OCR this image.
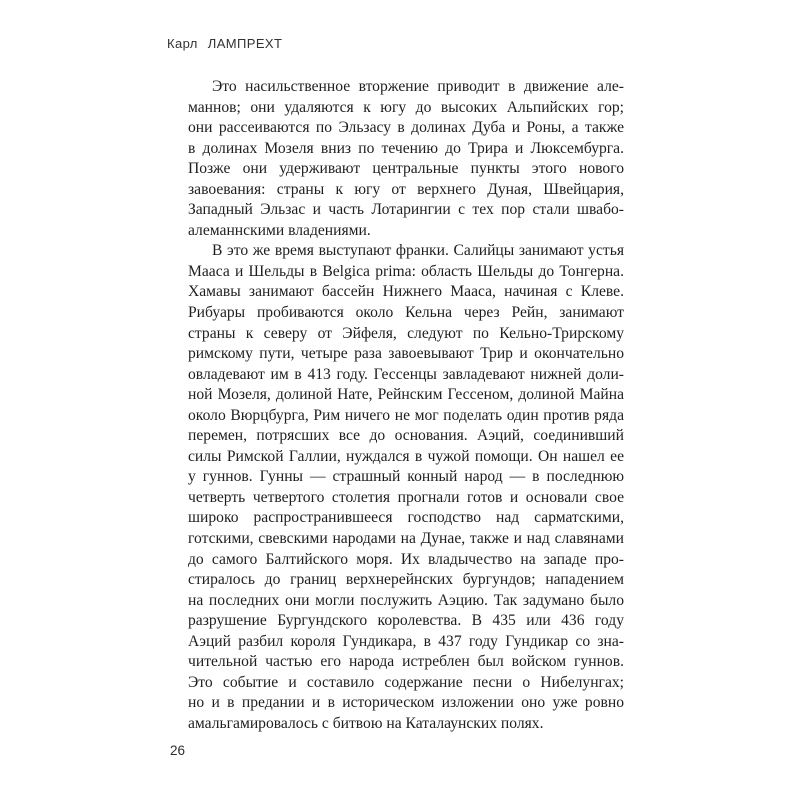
Карл ЛАМПРЕХТ
Это насильственное вторжение приводит в движение але-
маннов; они удаляются к югу до высоких Альпийских гор;
они рассеиваются по Эльзасу в долинах Дуба и Роны, а также
в долинах Мозеля вниз по течению до Трира и Люксембурга.
Позже они удерживают центральные пункты этого нового
завоевания: страны к югу от верхнего Дуная, Швейцария,
Западный Эльзас и часть Лотарингии с тех пор стали швабо-
алеманнскими владениями.
В это же время выступают франки. Салийцы занимают устья
Мааса и Шельды в Belgica prima: область Шельды до Тонгерна.
Хамавы занимают бассейн Нижнего Мааса, начиная с Клеве.
Рибуары пробиваются около Кельна через Рейн, занимают
страны к северу от Эйфеля, следуют по Кельно-Трирскому
римскому пути, четыре раза завоевывают Трир и окончательно
овладевают им в 413 году. Гессенцы завладевают нижней доли-
ной Мозеля, долиной Нате, Рейнским Гессеном, долиной Майна
около Вюрцбурга, Рим ничего не мог поделать один против ряда
перемен, потрясших все до основания. Аэций, соединивший
силы Римской Галлии, нуждался в чужой помощи. Он нашел ее
у гуннов. Гунны — страшный конный народ — в последнюю
четверть четвертого столетия прогнали готов и основали свое
широко распространившееся господство над сарматскими,
готскими, свевскими народами на Дунае, также и над славянами
до самого Балтийского моря. Их владычество на западе про-
стиралось до границ верхнерейнских бургундов; нападением
на последних они могли послужить Аэцию. Так задумано было
разрушение Бургундского королевства. В 435 или 436 году
Аэций разбил короля Гундикара, в 437 году Гундикар со зна-
чительной частью его народа истреблен был войском гуннов.
Это событие и составило содержание песни о Нибелунгах;
но и в предании и в историческом изложении оно уже ровно
амальгамировалось с битвою на Каталаунских полях.
26
